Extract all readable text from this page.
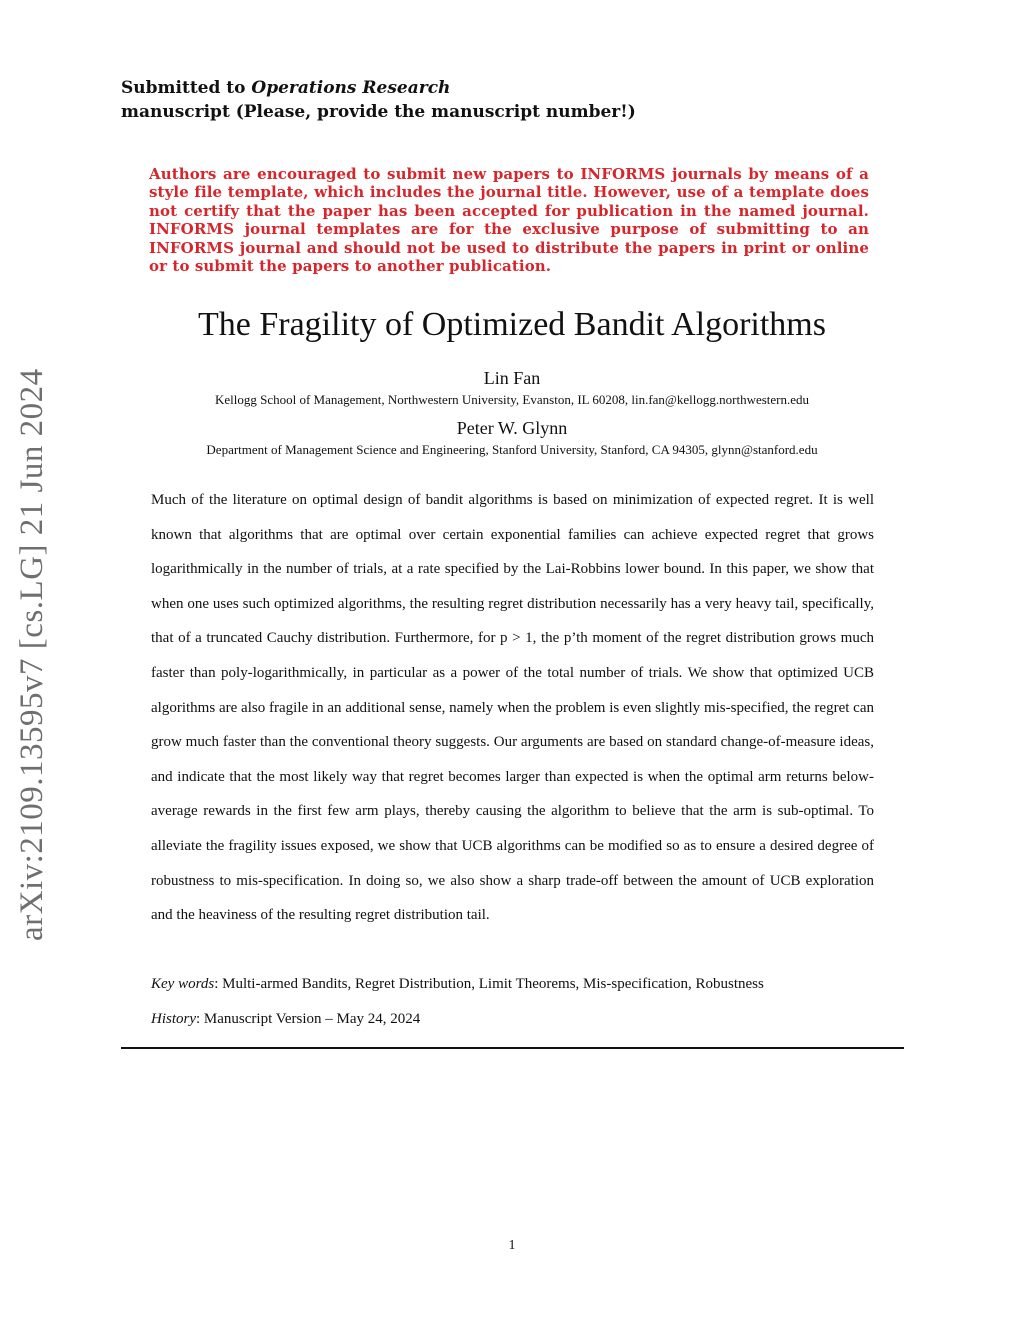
arXiv:2109.13595v7 [cs.LG] 21 Jun 2024
Submitted to Operations Research
manuscript (Please, provide the manuscript number!)
Authors are encouraged to submit new papers to INFORMS journals by means of a style file template, which includes the journal title. However, use of a template does not certify that the paper has been accepted for publication in the named journal. INFORMS journal templates are for the exclusive purpose of submitting to an INFORMS journal and should not be used to distribute the papers in print or online or to submit the papers to another publication.
The Fragility of Optimized Bandit Algorithms
Lin Fan
Kellogg School of Management, Northwestern University, Evanston, IL 60208, lin.fan@kellogg.northwestern.edu
Peter W. Glynn
Department of Management Science and Engineering, Stanford University, Stanford, CA 94305, glynn@stanford.edu
Much of the literature on optimal design of bandit algorithms is based on minimization of expected regret. It is well known that algorithms that are optimal over certain exponential families can achieve expected regret that grows logarithmically in the number of trials, at a rate specified by the Lai-Robbins lower bound. In this paper, we show that when one uses such optimized algorithms, the resulting regret distribution necessarily has a very heavy tail, specifically, that of a truncated Cauchy distribution. Furthermore, for p > 1, the p’th moment of the regret distribution grows much faster than poly-logarithmically, in particular as a power of the total number of trials. We show that optimized UCB algorithms are also fragile in an additional sense, namely when the problem is even slightly mis-specified, the regret can grow much faster than the conventional theory suggests. Our arguments are based on standard change-of-measure ideas, and indicate that the most likely way that regret becomes larger than expected is when the optimal arm returns below-average rewards in the first few arm plays, thereby causing the algorithm to believe that the arm is sub-optimal. To alleviate the fragility issues exposed, we show that UCB algorithms can be modified so as to ensure a desired degree of robustness to mis-specification. In doing so, we also show a sharp trade-off between the amount of UCB exploration and the heaviness of the resulting regret distribution tail.
Key words: Multi-armed Bandits, Regret Distribution, Limit Theorems, Mis-specification, Robustness
History: Manuscript Version – May 24, 2024
1
